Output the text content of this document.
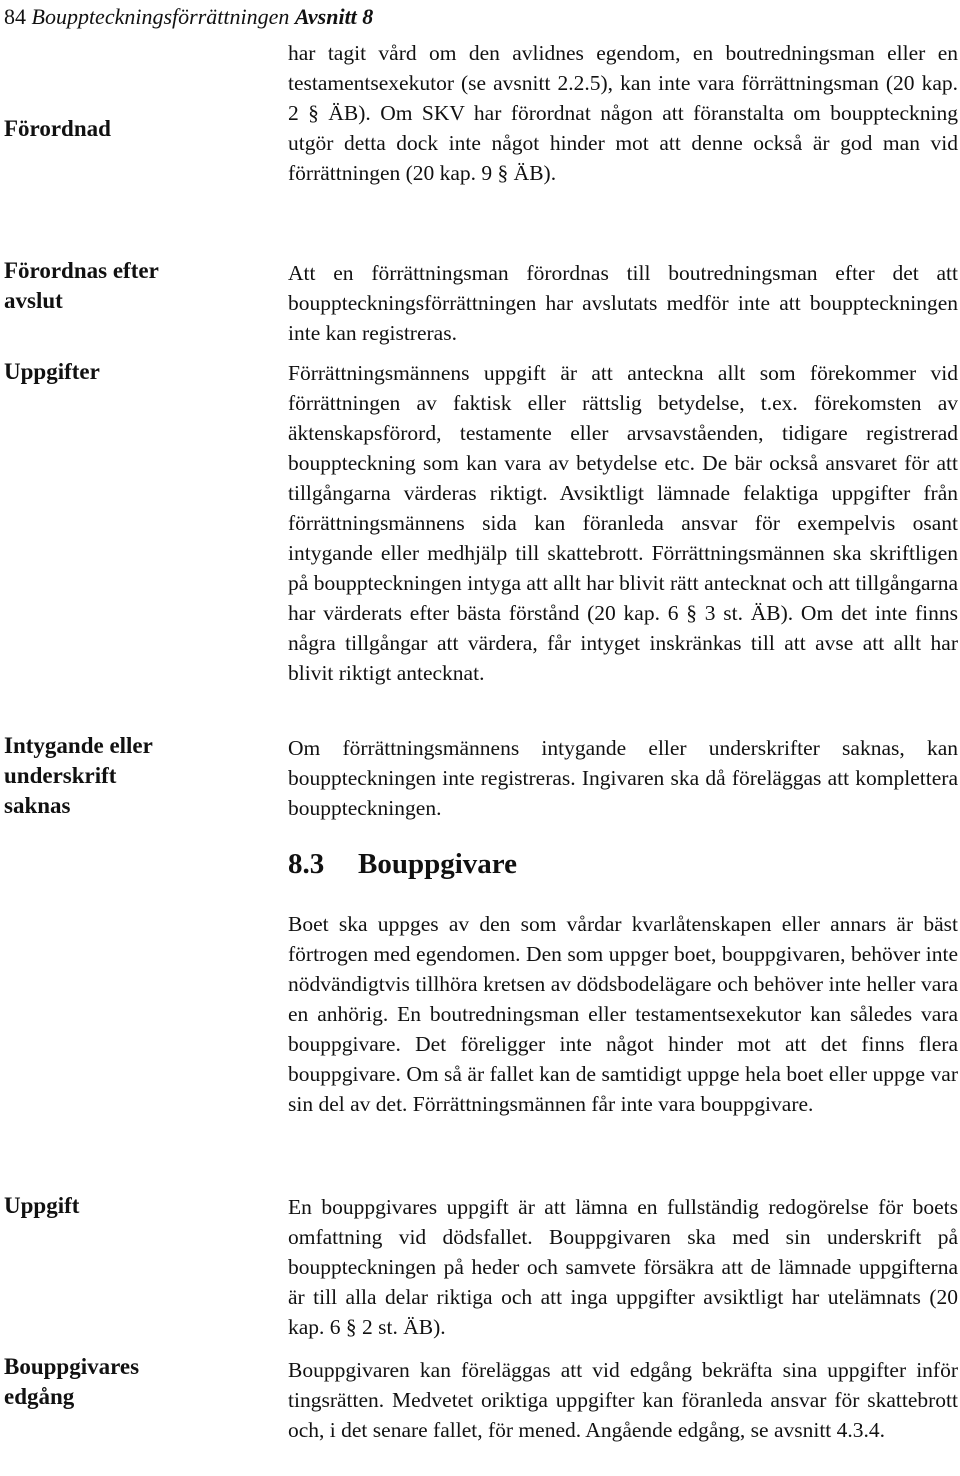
84 Bouppteckningsförrättningen Avsnitt 8
Förordnad
Förordnas efter avslut
Uppgifter
Intygande eller underskrift saknas
Uppgift
Bouppgivares edgång
har tagit vård om den avlidnes egendom, en boutredningsman eller en testamentsexekutor (se avsnitt 2.2.5), kan inte vara förrättningsman (20 kap. 2 § ÄB). Om SKV har förordnat någon att föranstalta om bouppteckning utgör detta dock inte något hinder mot att denne också är god man vid förrättningen (20 kap. 9 § ÄB).
Att en förrättningsman förordnas till boutredningsman efter det att bouppteckningsförrättningen har avslutats medför inte att bouppteckningen inte kan registreras.
Förrättningsmännens uppgift är att anteckna allt som förekommer vid förrättningen av faktisk eller rättslig betydelse, t.ex. förekomsten av äktenskapsförord, testamente eller arvsavståenden, tidigare registrerad bouppteckning som kan vara av betydelse etc. De bär också ansvaret för att tillgångarna värderas riktigt. Avsiktligt lämnade felaktiga uppgifter från förrättningsmännens sida kan föranleda ansvar för exempelvis osant intygande eller medhjälp till skattebrott. Förrättningsmännen ska skriftligen på bouppteckningen intyga att allt har blivit rätt antecknat och att tillgångarna har värderats efter bästa förstånd (20 kap. 6 § 3 st. ÄB). Om det inte finns några tillgångar att värdera, får intyget inskränkas till att avse att allt har blivit riktigt antecknat.
Om förrättningsmännens intygande eller underskrifter saknas, kan bouppteckningen inte registreras. Ingivaren ska då föreläggas att komplettera bouppteckningen.
8.3 Bouppgivare
Boet ska uppges av den som vårdar kvarlåtenskapen eller annars är bäst förtrogen med egendomen. Den som uppger boet, bouppgivaren, behöver inte nödvändigtvis tillhöra kretsen av dödsbodelägare och behöver inte heller vara en anhörig. En boutredningsman eller testamentsexekutor kan således vara bouppgivare. Det föreligger inte något hinder mot att det finns flera bouppgivare. Om så är fallet kan de samtidigt uppge hela boet eller uppge var sin del av det. Förrättningsmännen får inte vara bouppgivare.
En bouppgivares uppgift är att lämna en fullständig redogörelse för boets omfattning vid dödsfallet. Bouppgivaren ska med sin underskrift på bouppteckningen på heder och samvete försäkra att de lämnade uppgifterna är till alla delar riktiga och att inga uppgifter avsiktligt har utelämnats (20 kap. 6 § 2 st. ÄB).
Bouppgivaren kan föreläggas att vid edgång bekräfta sina uppgifter inför tingsrätten. Medvetet oriktiga uppgifter kan föranleda ansvar för skattebrott och, i det senare fallet, för mened. Angående edgång, se avsnitt 4.3.4.
